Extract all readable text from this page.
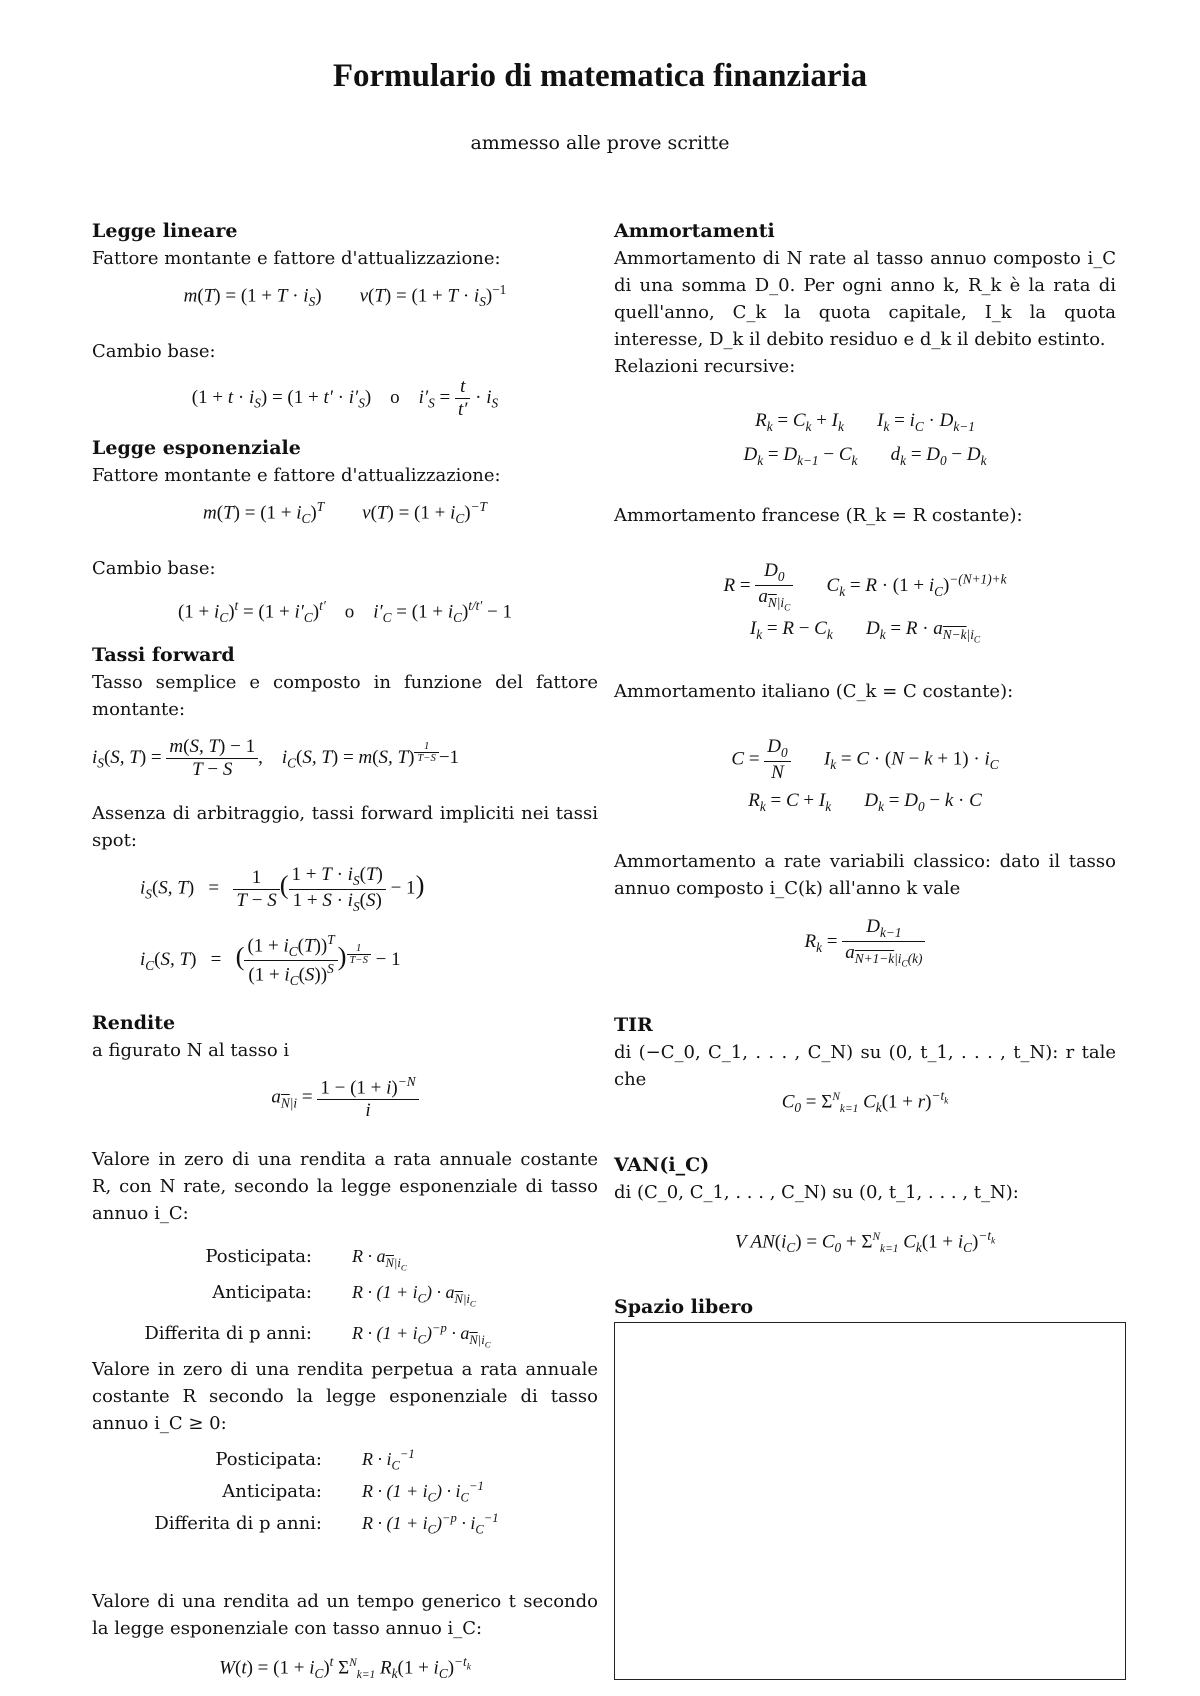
Formulario di matematica finanziaria
ammesso alle prove scritte
Legge lineare
Fattore montante e fattore d'attualizzazione:
$m(T) = (1 + T \cdot i_S)$        $v(T) = (1 + T \cdot i_S)^{-1}$
Cambio base:
$(1 + t \cdot i_S) = (1 + t' \cdot i'_S)$ o    $i'_S = \frac{t}{t'} \cdot i_S$
Legge esponenziale
Fattore montante e fattore d'attualizzazione:
$m(T) = (1 + i_C)^T$        $v(T) = (1 + i_C)^{-T}$
Cambio base:
$(1 + i_C)^t = (1 + i'_C)^{t'}$ o    $i'_C = (1 + i_C)^{t/t'} - 1$
Tassi forward
Tasso semplice e composto in funzione del fattore montante:
$i_S(S$, $T) = \frac{m(S, T) - 1}{T - S}$ ,    $i_C(S$, T) = m(S, T) $^{\frac{1}{T-S}}$ −1
Assenza di arbitraggio, tassi forward impliciti nei tassi spot:
$i_S(S$, $T) = \frac{1}{T - S}$ ( $\frac{1 + T \cdot i_S(T)}{1 + S \cdot i_S(S)} - 1$)
$i_C(S$, T)   =   ( $\frac{(1 + i_C(T))^T}{(1 + i_C(S))^S}$ ) $^{\frac{1}{T-S}}$ − 1
Rendite
a figurato N al tasso i
$a_{\overline{N}|i} = \frac{1 - (1 + i)^{-N}}{i}$
Valore in zero di una rendita a rata annuale costante R, con N rate, secondo la legge esponenziale di tasso annuo i_C:
Posticipata: $R \cdot a_{\overline{N}|i_C}$
Anticipata: $R \cdot (1 + i_C) \cdot a_{\overline{N}|i_C}$
Differita di p anni: $R \cdot (1 + i_C)^{-p} \cdot a_{\overline{N}|i_C}$
Valore in zero di una rendita perpetua a rata annuale costante R secondo la legge esponenziale di tasso annuo i_C ≥ 0:
Posticipata: $R \cdot i_C^{-1}$
Anticipata: $R \cdot (1 + i_C) \cdot i_C^{-1}$
Differita di p anni: $R \cdot (1 + i_C)^{-p} \cdot i_C^{-1}$
Valore di una rendita ad un tempo generico t secondo la legge esponenziale con tasso annuo i_C:
$W(t) = (1 + i_C)^t$ $\Sigma^N_{k=1}$ $R_k(1 + i_C)^{-t_k}$
Ammortamenti
Ammortamento di N rate al tasso annuo composto i_C di una somma D_0. Per ogni anno k, R_k è la rata di quell'anno, C_k la quota capitale, I_k la quota interesse, D_k il debito residuo e d_k il debito estinto.
Relazioni recursive:
$R_k = C_k + I_k$       $I_k = i_C \cdot D_{k-1}$
$D_k = D_{k-1} - C_k$       $d_k = D_0 - D_k$
Ammortamento francese (R_k = R costante):
$R = \frac{D_0}{a_{\overline{N}|i_C}} C_k = R \cdot (1 + i_C)^{-(N+1)+k}$
$I_k = R - C_k$       $D_k = R \cdot a_{N-k|i_C}$
Ammortamento italiano (C_k = C costante):
$C = \frac{D_0}{N} I_k = C \cdot (N - k + 1) \cdot i_C$
$R_k = C + I_k$       $D_k = D_0 - k \cdot C$
Ammortamento a rate variabili classico: dato il tasso annuo composto i_C(k) all'anno k vale
$R_k = \frac{D_{k-1}}{a_{N+1-k|i_C(k)}}$
TIR
di (−C_0, C_1, . . . , C_N) su (0, t_1, . . . , t_N): r tale che
$C_0 = \Sigma^N_{k=1}$ $C_k(1 + r)^{-t_k}$
VAN(i_C)
di (C_0, C_1, . . . , C_N) su (0, t_1, . . . , t_N):
V $AN(i_C) = C_0 + \Sigma^N_{k=1}$ $C_k(1 + i_C)^{-t_k}$
Spazio libero
